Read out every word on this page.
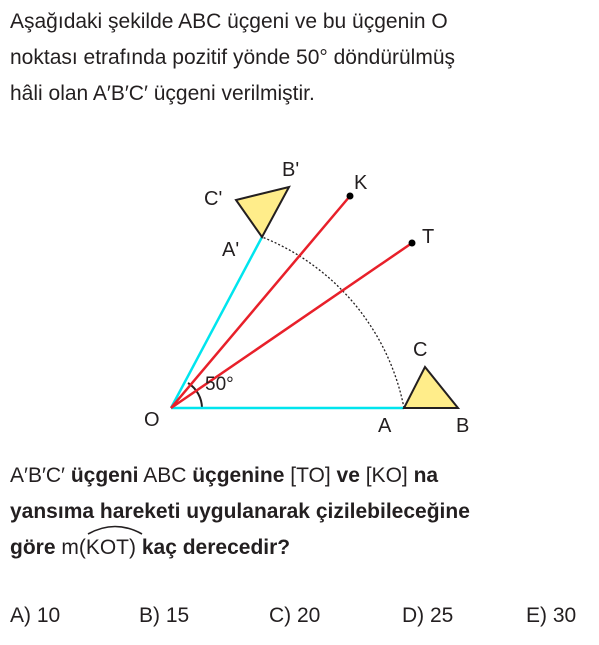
Aşağıdaki şekilde ABC üçgeni ve bu üçgenin O
noktası etrafında pozitif yönde 50° döndürülmüş
hâli olan A′B′C′ üçgeni verilmiştir.
O	A	B
C
A'
B'
C'
K
T
50°
A′B′C′ üçgeni ABC üçgenine [TO] ve [KO] na
yansıma hareketi uygulanarak çizilebileceğine
göre m(
KOT) kaç derecedir?
A) 10	B) 15	C) 20	D) 25	E) 30
